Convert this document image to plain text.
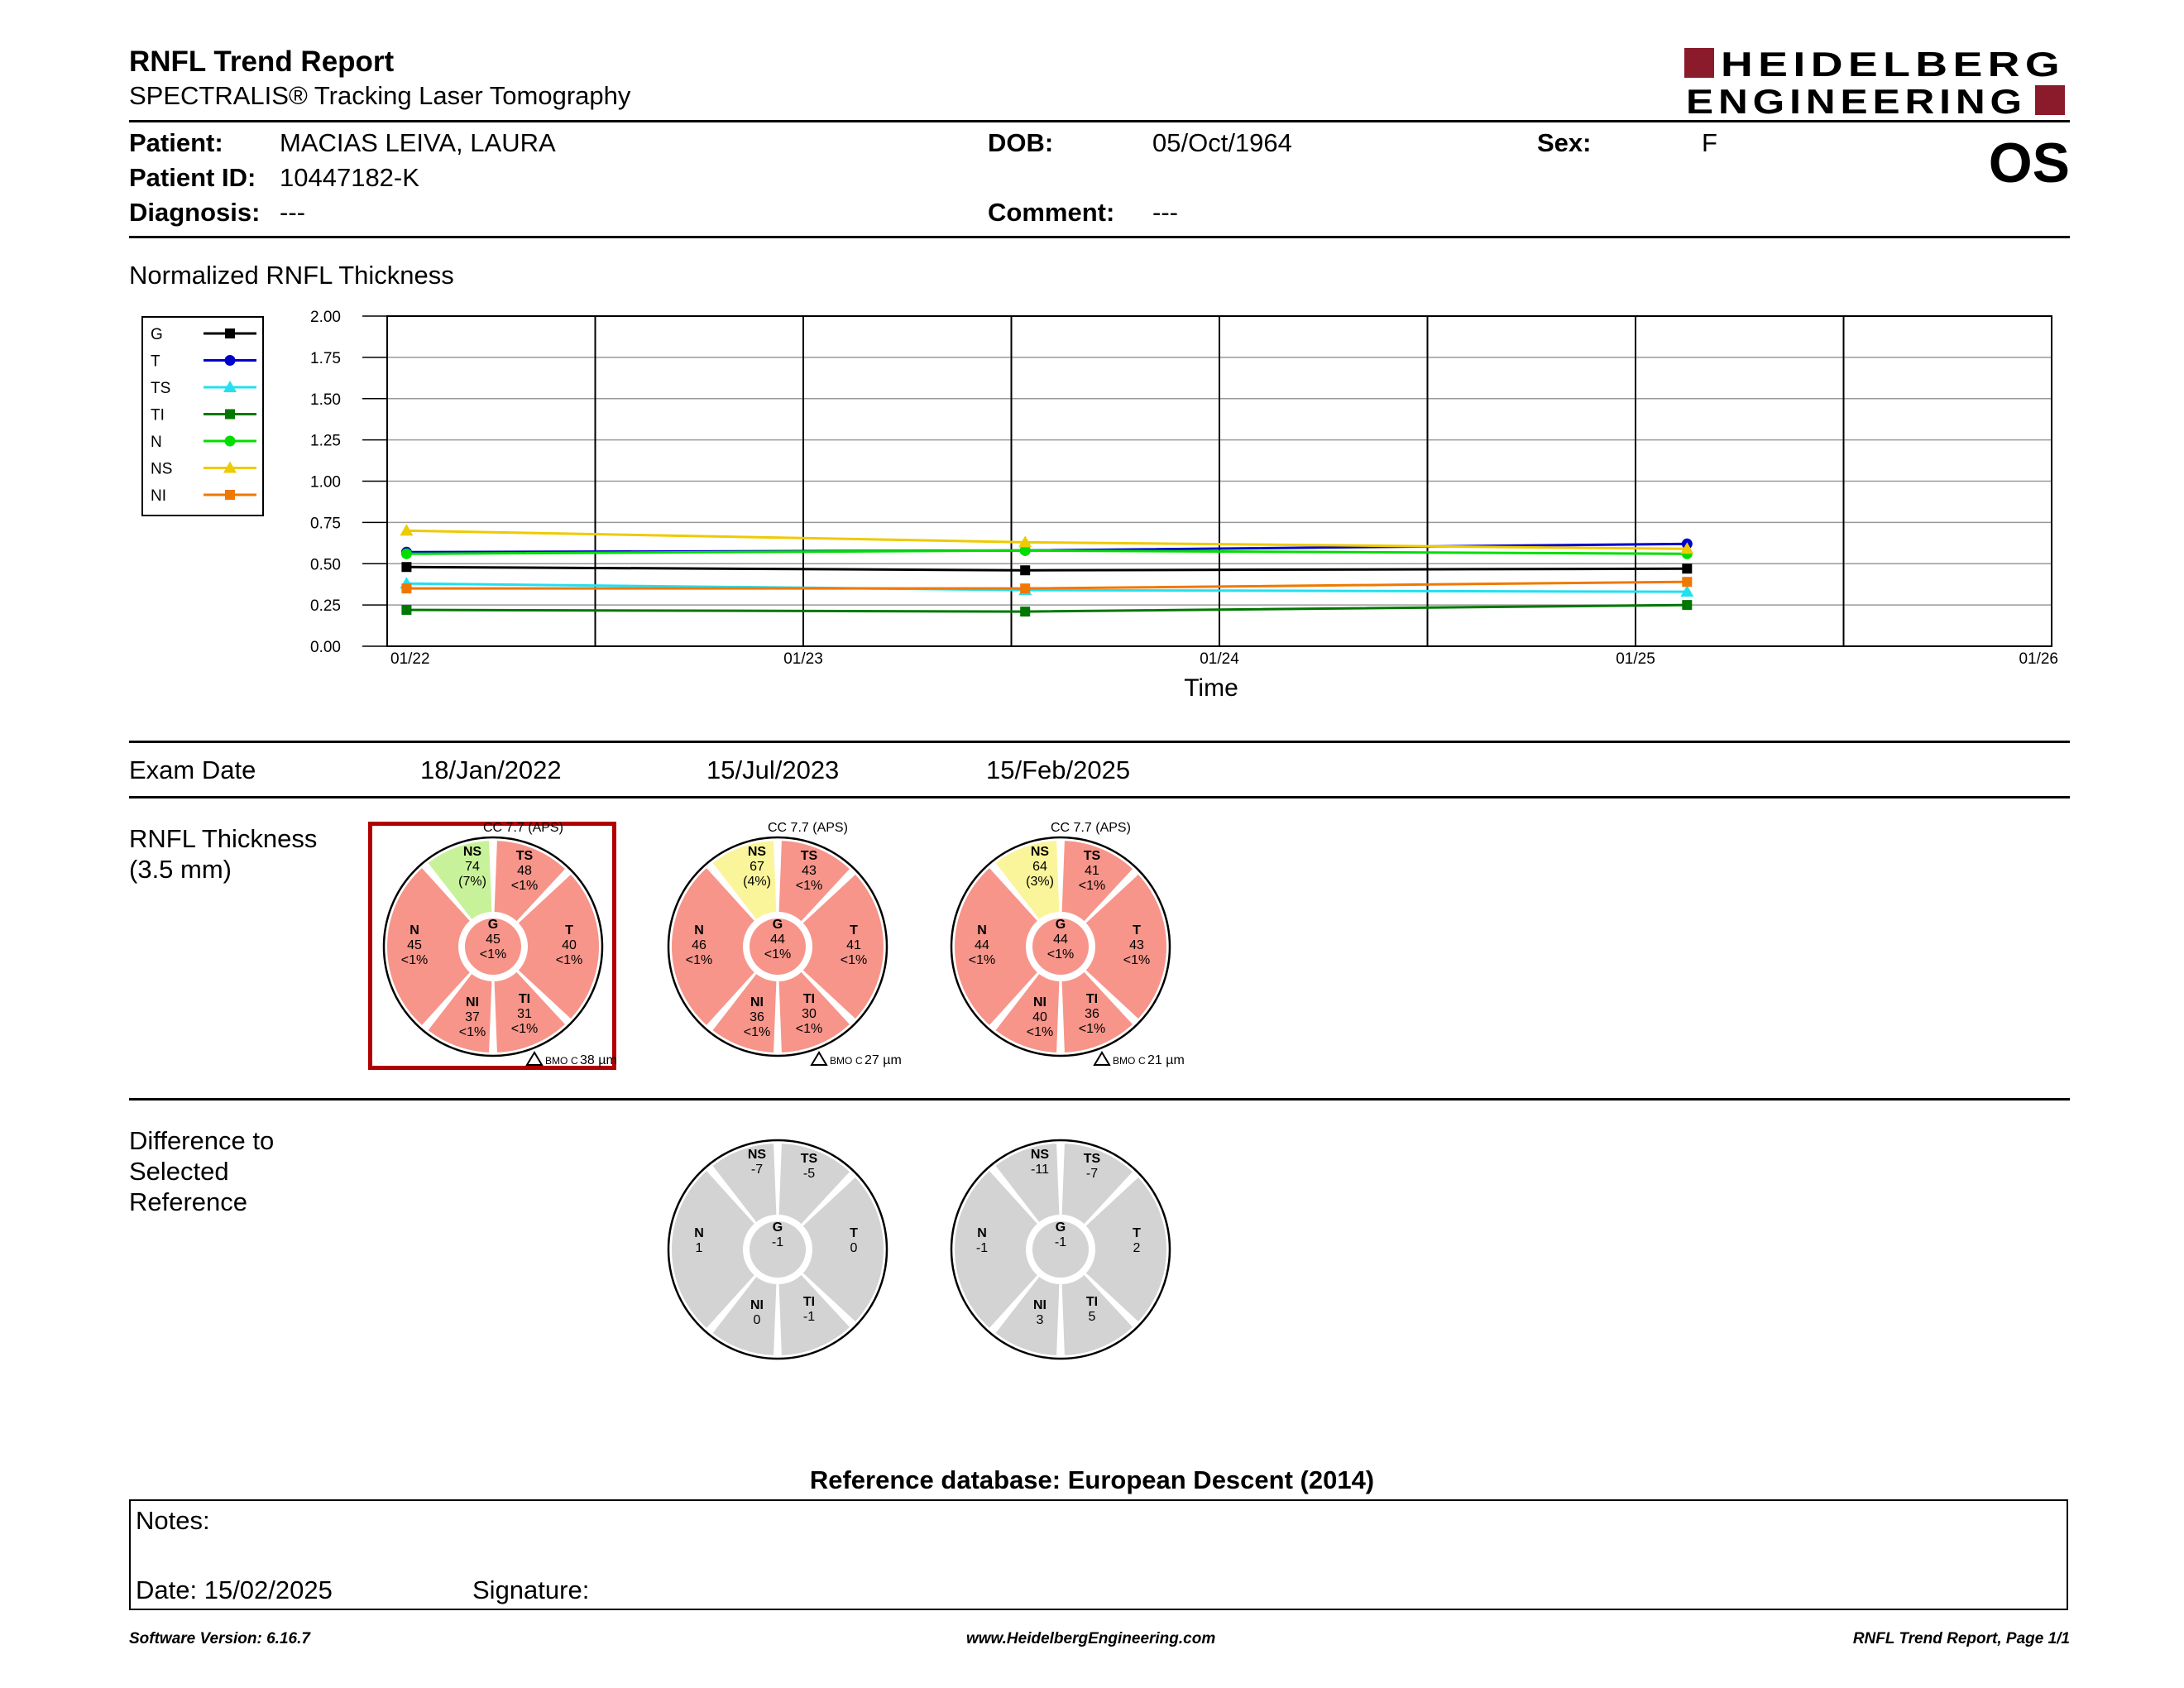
RNFL Trend Report
SPECTRALIS® Tracking Laser Tomography
HEIDELBERG
ENGINEERING
Patient: MACIAS LEIVA, LAURA
Patient ID: 10447182-K
Diagnosis: ---
DOB:	05/Oct/1964
Comment: ---
Sex:	F	OS
Normalized RNFL Thickness
2.00
1.75
1.50
1.25
1.00
0.75
0.50
0.25
0.00
01/22	01/23	01/24	01/25	01/26
Time
G
T
TS
TI
N
NS
NI
Exam Date	18/Jan/2022	15/Jul/2023	15/Feb/2025
RNFL Thickness
(3.5 mm)
NS
74
(7%)
TS
48
<1%
T
40
<1%
TI
31
<1%
NI
37
<1%
N
45
<1%
G
45
<1%
CC 7.7 (APS)
BMO C 38 µm
NS
67
(4%)
TS
43
<1%
T
41
<1%
TI
30
<1%
NI
36
<1%
N
46
<1%
G
44
<1%
CC 7.7 (APS)
BMO C 27 µm
NS
64
(3%)
TS
41
<1%
T
43
<1%
TI
36
<1%
NI
40
<1%
N
44
<1%
G
44
<1%
CC 7.7 (APS)
BMO C 21 µm
Difference to
Selected
Reference
NS
-7
TS
-5
T
0
TI
-1
NI
0
N
1
G
-1
NS
-11
TS
-7
T
2
TI
5
NI
3
N
-1
G
-1
Reference database: European Descent (2014)
Notes:
Date: 15/02/2025	Signature:
Software Version: 6.16.7	www.HeidelbergEngineering.com	RNFL Trend Report, Page 1/1
